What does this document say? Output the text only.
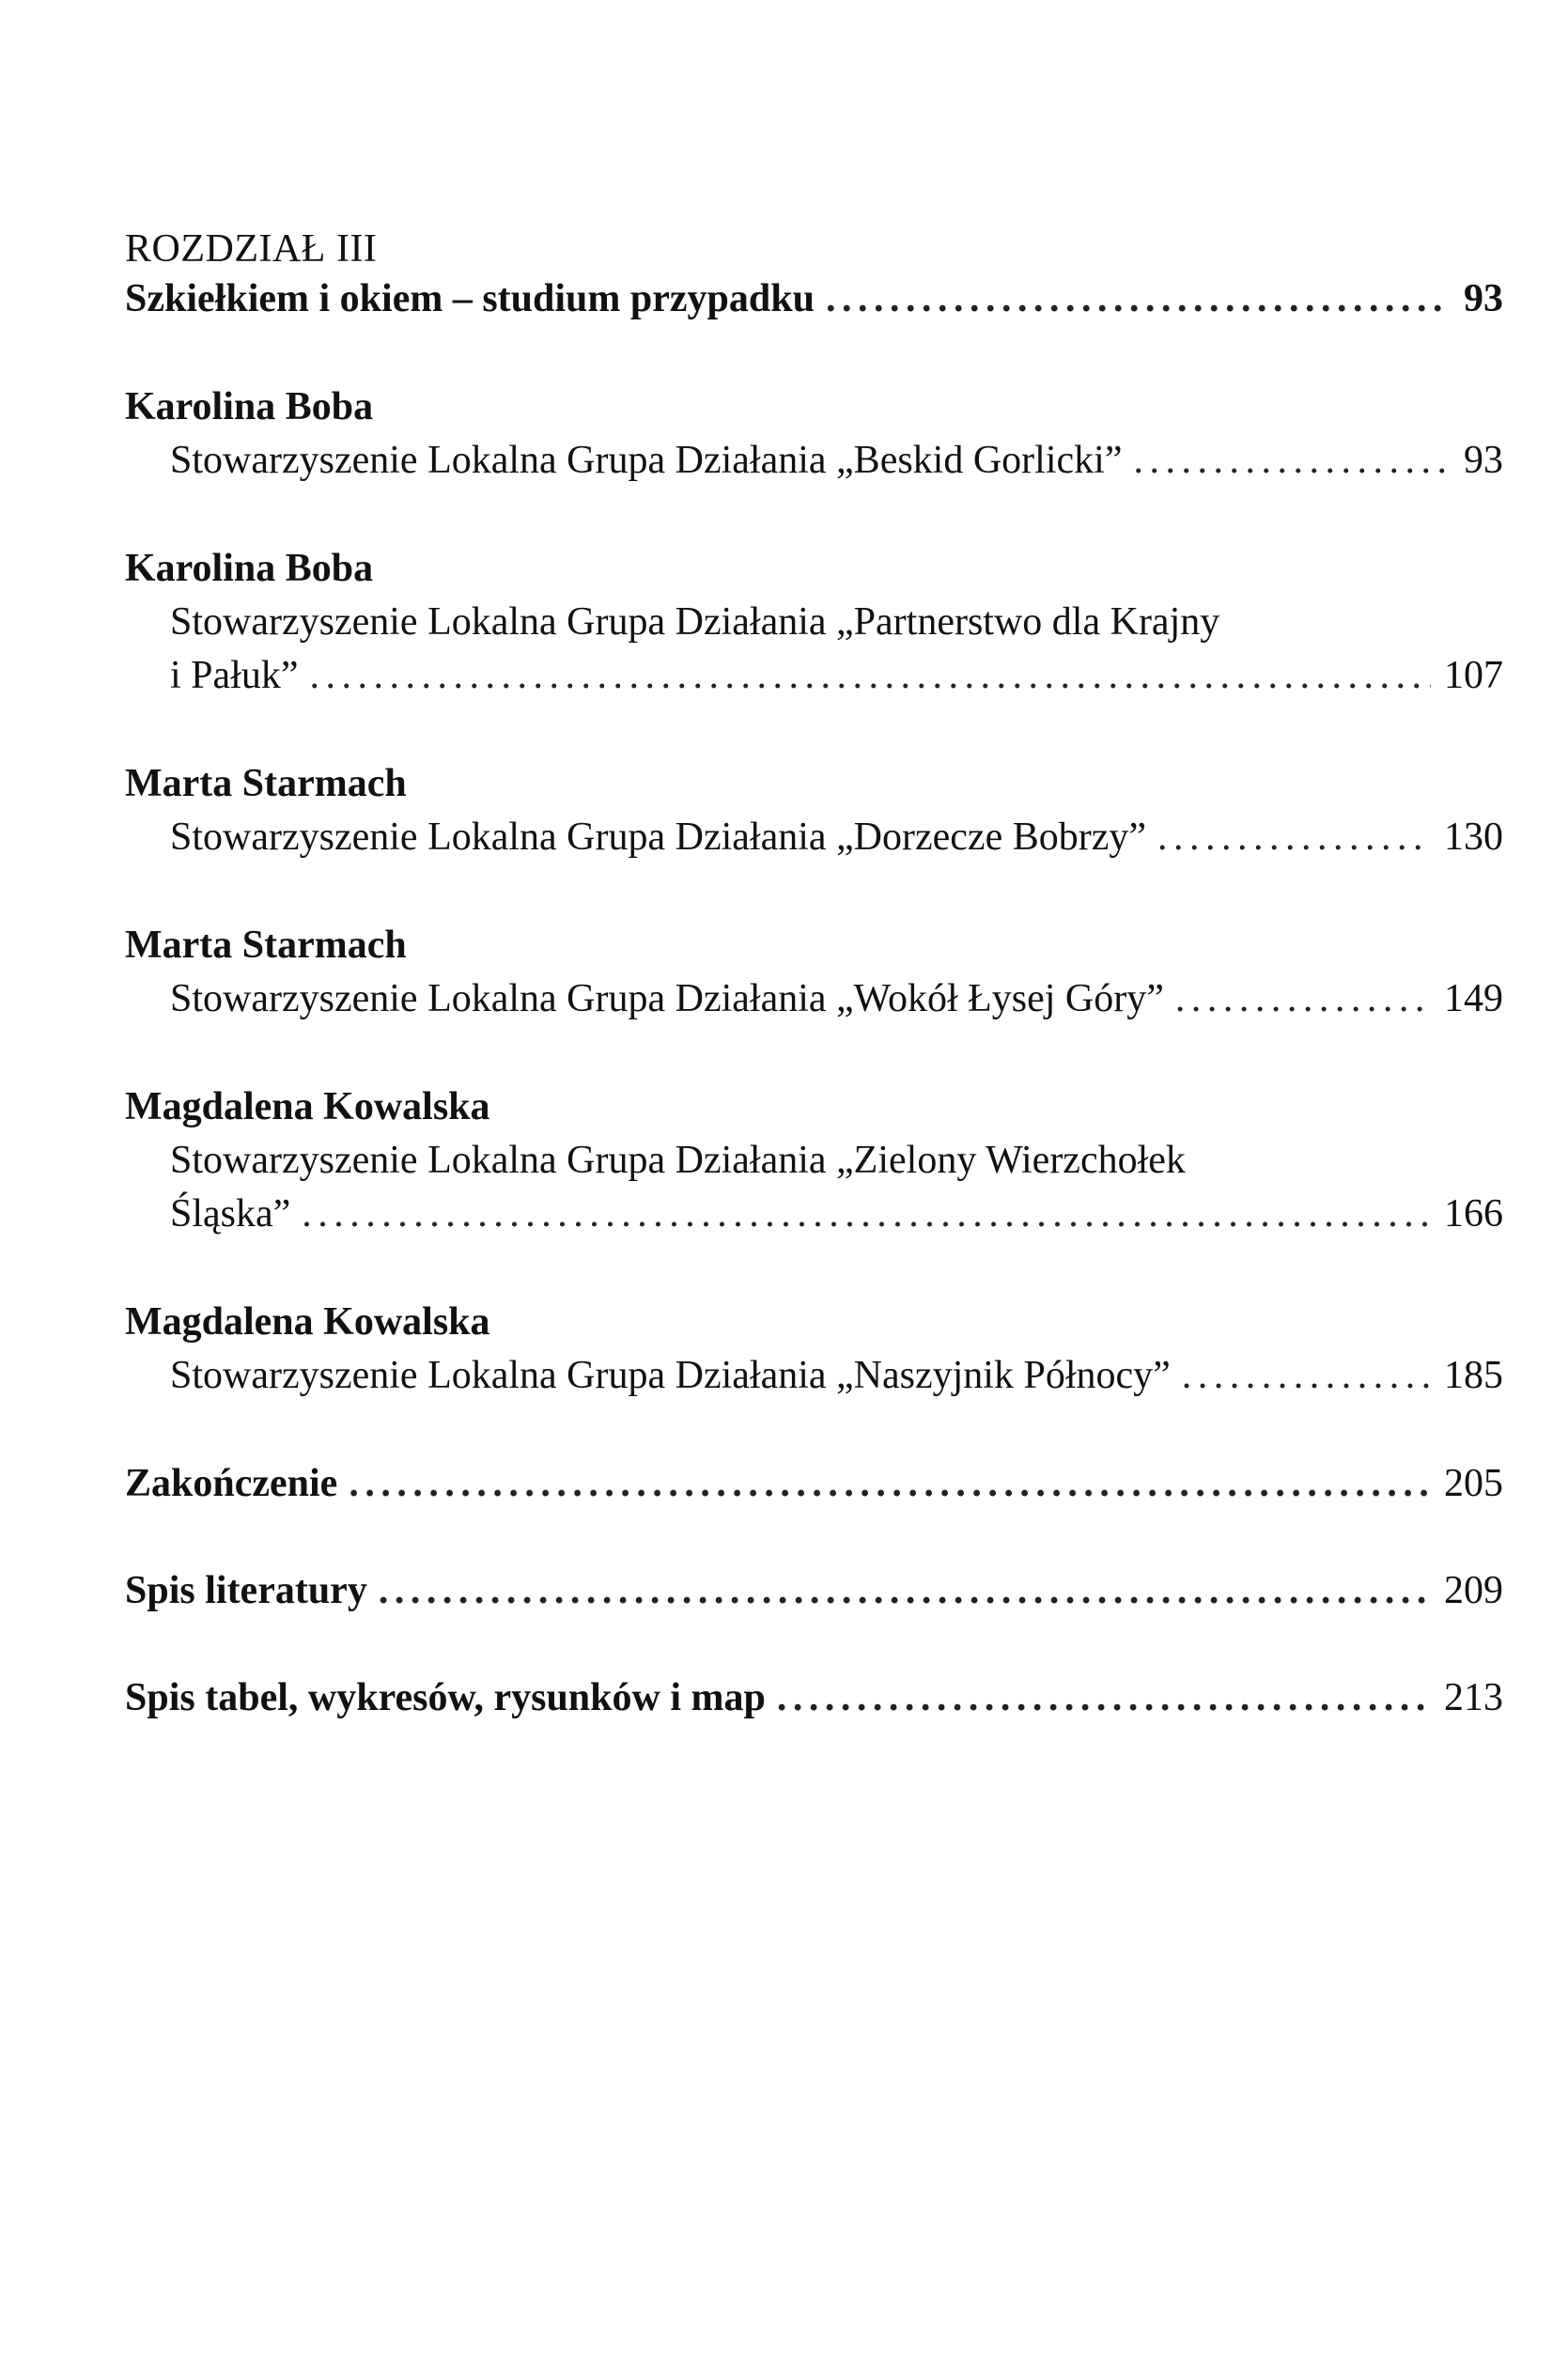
ROZDZIAŁ III

Szkiełkiem i okiem – studium przypadku . . .	93

Karolina Boba

Stowarzyszenie Lokalna Grupa Działania „Beskid Gorlicki” . . .	93

Karolina Boba

Stowarzyszenie Lokalna Grupa Działania „Partnerstwo dla Krajny
i Pałuk” . . .	107

Marta Starmach

Stowarzyszenie Lokalna Grupa Działania „Dorzecze Bobrzy” . . .	130

Marta Starmach

Stowarzyszenie Lokalna Grupa Działania „Wokół Łysej Góry” . . .	149

Magdalena Kowalska

Stowarzyszenie Lokalna Grupa Działania „Zielony Wierzchołek
Śląska” . . .	166

Magdalena Kowalska

Stowarzyszenie Lokalna Grupa Działania „Naszyjnik Północy” . . .	185
Zakończenie . . .	205
Spis literatury . . .	209
Spis tabel, wykresów, rysunków i map . . .	213
